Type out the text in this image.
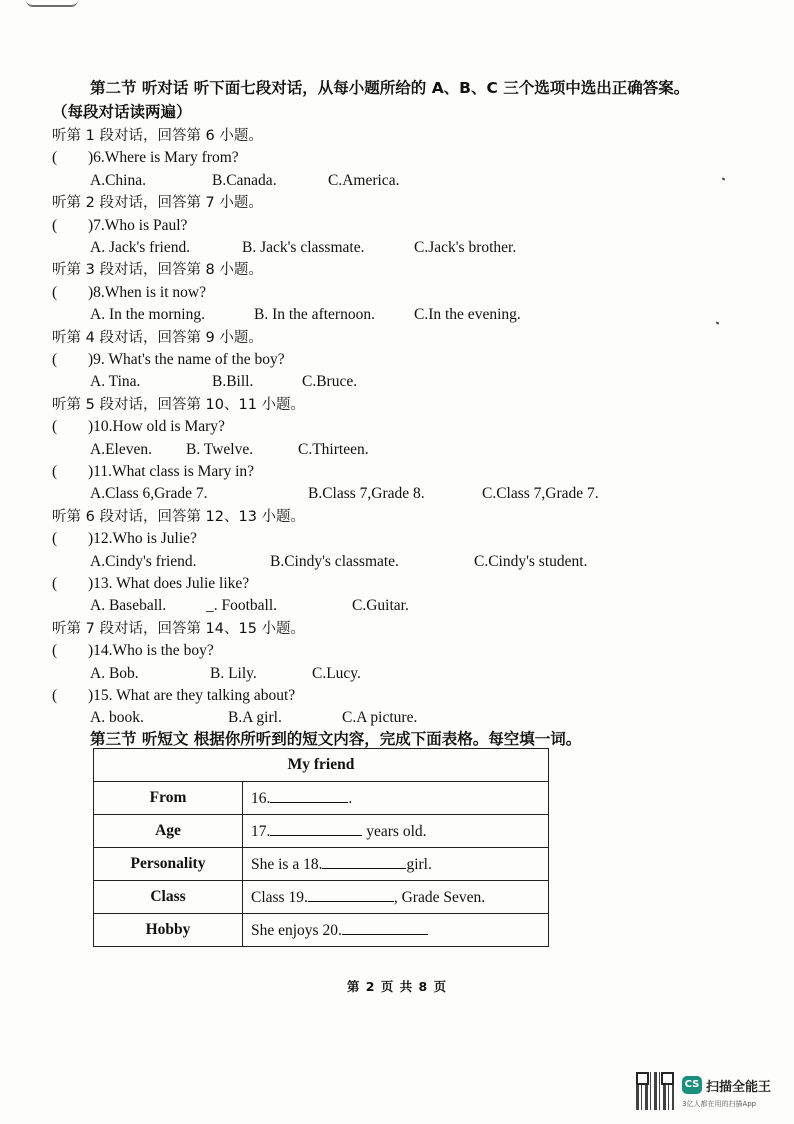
第二节 听对话 听下面七段对话，从每小题所给的 A、B、C 三个选项中选出正确答案。（每段对话读两遍）

听第 1 段对话，回答第 6 小题。
( )6.Where is Mary from?
A.China.	B.Canada.	C.America.
听第 2 段对话，回答第 7 小题。
( )7.Who is Paul?
A. Jack's friend.	B. Jack's classmate.	C.Jack's brother.
听第 3 段对话，回答第 8 小题。
( )8.When is it now?
A. In the morning.	B. In the afternoon.	C.In the evening.
听第 4 段对话，回答第 9 小题。
( )9. What's the name of the boy?
A. Tina.	B.Bill.	C.Bruce.
听第 5 段对话，回答第 10、11 小题。
( )10.How old is Mary?
A.Eleven. B. Twelve.	C.Thirteen.
( )11.What class is Mary in?
A.Class 6,Grade 7.	B.Class 7,Grade 8.	C.Class 7,Grade 7.
听第 6 段对话，回答第 12、13 小题。
( )12.Who is Julie?
A.Cindy's friend.	B.Cindy's classmate.	C.Cindy's student.
( )13. What does Julie like?
A. Baseball.	_. Football.	C.Guitar.
听第 7 段对话，回答第 14、15 小题。
( )14.Who is the boy?
A. Bob.	B. Lily.	C.Lucy.
( )15. What are they talking about?
A. book.	B.A girl.	C.A picture.
第三节 听短文 根据你所听到的短文内容，完成下面表格。每空填一词。
My friend	
From	16. .
Age	17. years old.
Personality	She is a 18. girl.
Class	Class 19. , Grade Seven.
Hobby	She enjoys 20.
第 2 页 共 8 页
CS 扫描全能王
3亿人都在用的扫描App
